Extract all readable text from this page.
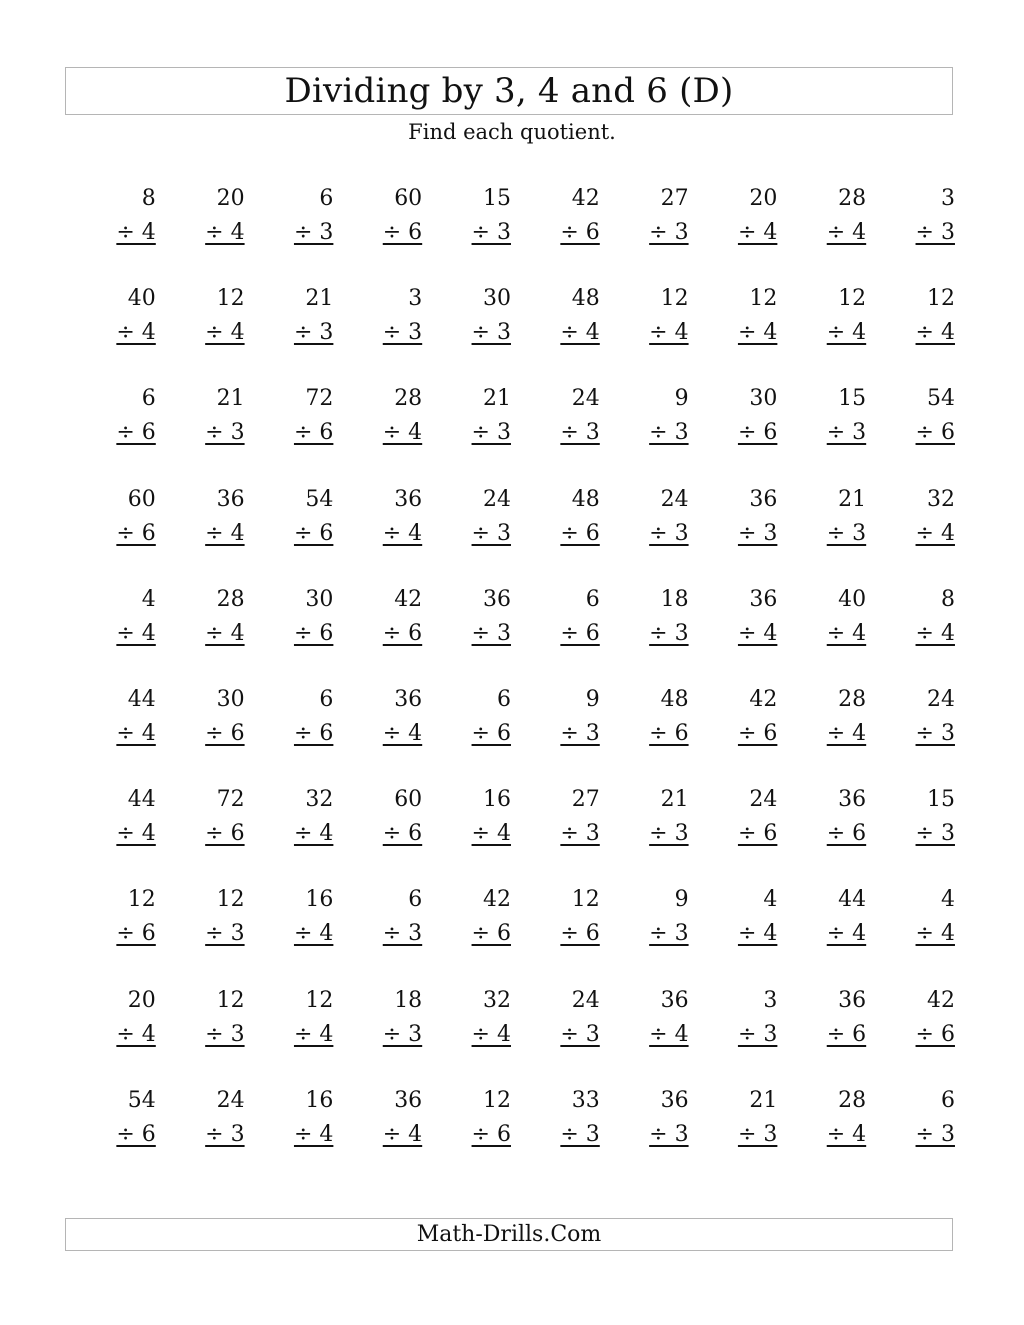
Dividing by 3, 4 and 6 (D)
Find each quotient.
8
÷ 4
20
÷ 4
6
÷ 3
60
÷ 6
15
÷ 3
42
÷ 6
27
÷ 3
20
÷ 4
28
÷ 4
3
÷ 3
40
÷ 4
12
÷ 4
21
÷ 3
3
÷ 3
30
÷ 3
48
÷ 4
12
÷ 4
12
÷ 4
12
÷ 4
12
÷ 4
6
÷ 6
21
÷ 3
72
÷ 6
28
÷ 4
21
÷ 3
24
÷ 3
9
÷ 3
30
÷ 6
15
÷ 3
54
÷ 6
60
÷ 6
36
÷ 4
54
÷ 6
36
÷ 4
24
÷ 3
48
÷ 6
24
÷ 3
36
÷ 3
21
÷ 3
32
÷ 4
4
÷ 4
28
÷ 4
30
÷ 6
42
÷ 6
36
÷ 3
6
÷ 6
18
÷ 3
36
÷ 4
40
÷ 4
8
÷ 4
44
÷ 4
30
÷ 6
6
÷ 6
36
÷ 4
6
÷ 6
9
÷ 3
48
÷ 6
42
÷ 6
28
÷ 4
24
÷ 3
44
÷ 4
72
÷ 6
32
÷ 4
60
÷ 6
16
÷ 4
27
÷ 3
21
÷ 3
24
÷ 6
36
÷ 6
15
÷ 3
12
÷ 6
12
÷ 3
16
÷ 4
6
÷ 3
42
÷ 6
12
÷ 6
9
÷ 3
4
÷ 4
44
÷ 4
4
÷ 4
20
÷ 4
12
÷ 3
12
÷ 4
18
÷ 3
32
÷ 4
24
÷ 3
36
÷ 4
3
÷ 3
36
÷ 6
42
÷ 6
54
÷ 6
24
÷ 3
16
÷ 4
36
÷ 4
12
÷ 6
33
÷ 3
36
÷ 3
21
÷ 3
28
÷ 4
6
÷ 3
Math-Drills.Com
